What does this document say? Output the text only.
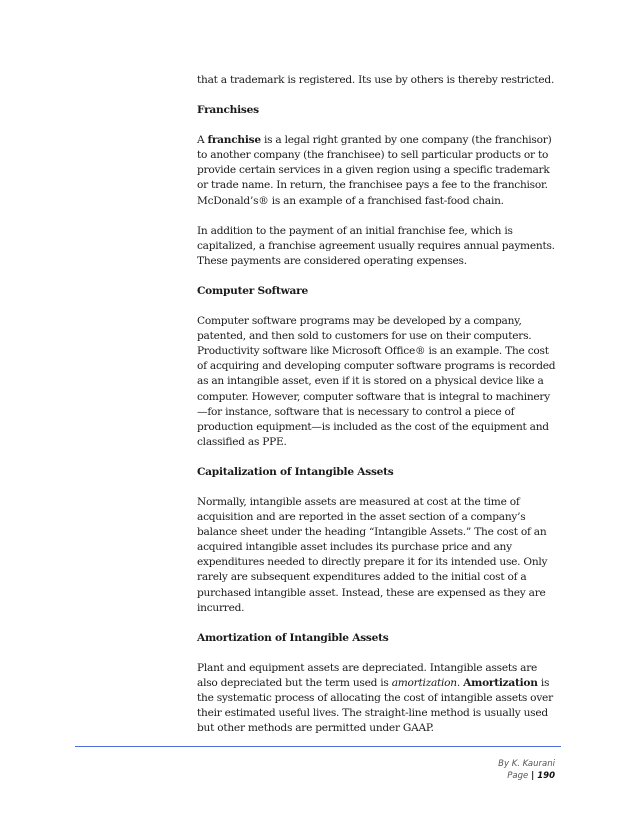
that a trademark is registered. Its use by others is thereby restricted.

Franchises

A franchise is a legal right granted by one company (the franchisor) to another company (the franchisee) to sell particular products or to provide certain services in a given region using a specific trademark or trade name. In return, the franchisee pays a fee to the franchisor. McDonald’s® is an example of a franchised fast-food chain.

In addition to the payment of an initial franchise fee, which is capitalized, a franchise agreement usually requires annual payments. These payments are considered operating expenses.

Computer Software

Computer software programs may be developed by a company, patented, and then sold to customers for use on their computers. Productivity software like Microsoft Office® is an example. The cost of acquiring and developing computer software programs is recorded as an intangible asset, even if it is stored on a physical device like a computer. However, computer software that is integral to machinery—for instance, software that is necessary to control a piece of production equipment—is included as the cost of the equipment and classified as PPE.

Capitalization of Intangible Assets

Normally, intangible assets are measured at cost at the time of acquisition and are reported in the asset section of a company’s balance sheet under the heading “Intangible Assets.” The cost of an acquired intangible asset includes its purchase price and any expenditures needed to directly prepare it for its intended use. Only rarely are subsequent expenditures added to the initial cost of a purchased intangible asset. Instead, these are expensed as they are incurred.

Amortization of Intangible Assets

Plant and equipment assets are depreciated. Intangible assets are also depreciated but the term used is amortization. Amortization is the systematic process of allocating the cost of intangible assets over their estimated useful lives. The straight-line method is usually used but other methods are permitted under GAAP.

By K. Kaurani
Page | 190
